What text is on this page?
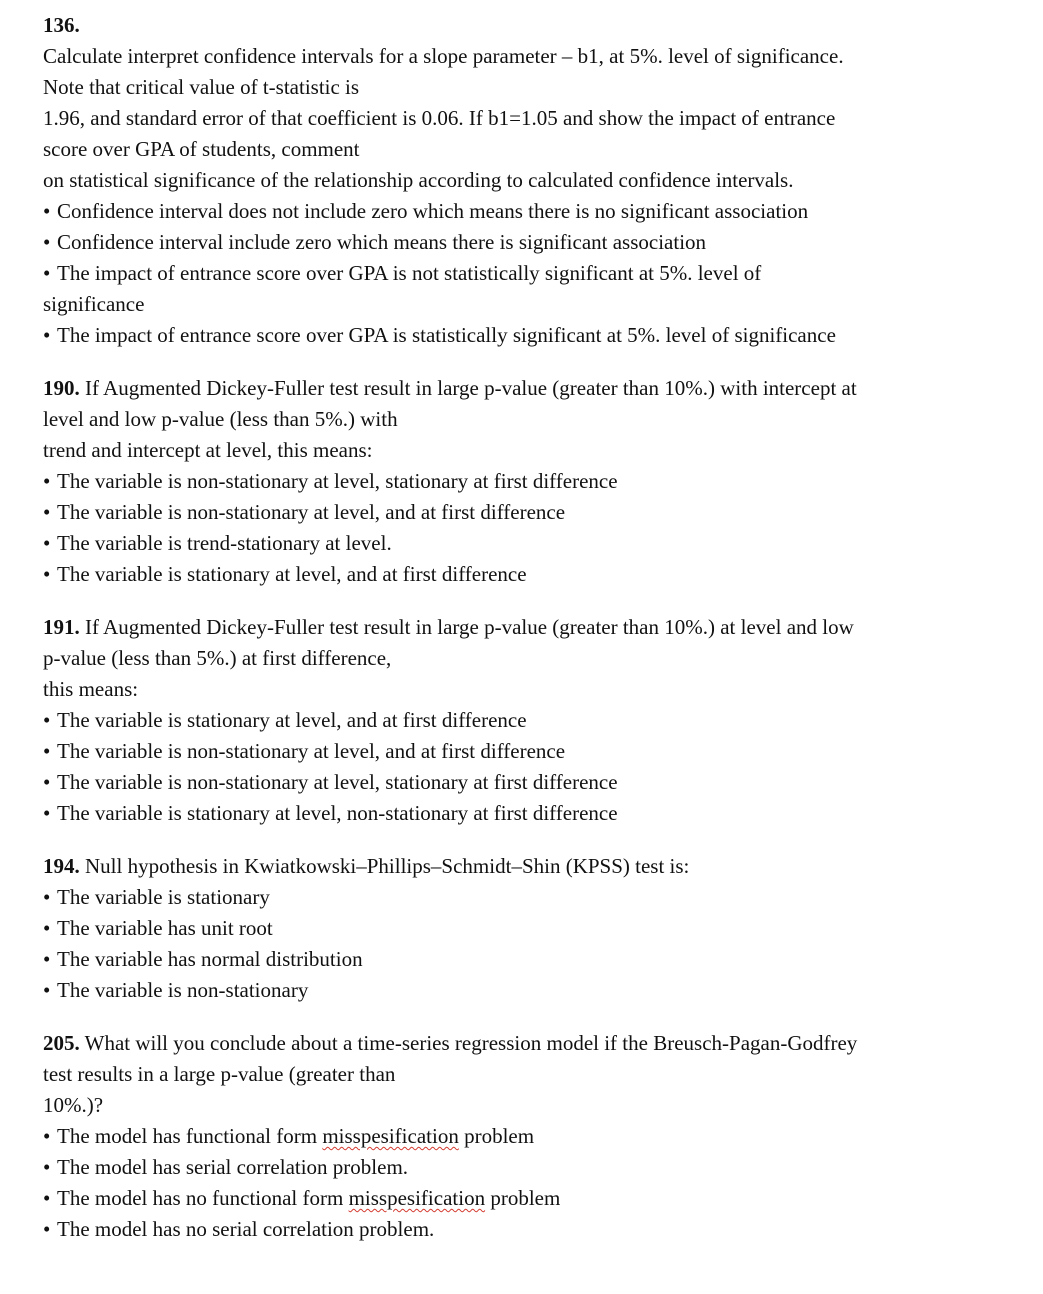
136.
Calculate interpret confidence intervals for a slope parameter – b1, at 5%. level of significance.
Note that critical value of t-statistic is
1.96, and standard error of that coefficient is 0.06. If b1=1.05 and show the impact of entrance
score over GPA of students, comment
on statistical significance of the relationship according to calculated confidence intervals.
• Confidence interval does not include zero which means there is no significant association
• Confidence interval include zero which means there is significant association
• The impact of entrance score over GPA is not statistically significant at 5%. level of
significance
• The impact of entrance score over GPA is statistically significant at 5%. level of significance
190. If Augmented Dickey-Fuller test result in large p-value (greater than 10%.) with intercept at
level and low p-value (less than 5%.) with
trend and intercept at level, this means:
• The variable is non-stationary at level, stationary at first difference
• The variable is non-stationary at level, and at first difference
• The variable is trend-stationary at level.
• The variable is stationary at level, and at first difference
191. If Augmented Dickey-Fuller test result in large p-value (greater than 10%.) at level and low
p-value (less than 5%.) at first difference,
this means:
• The variable is stationary at level, and at first difference
• The variable is non-stationary at level, and at first difference
• The variable is non-stationary at level, stationary at first difference
• The variable is stationary at level, non-stationary at first difference
194. Null hypothesis in Kwiatkowski–Phillips–Schmidt–Shin (KPSS) test is:
• The variable is stationary
• The variable has unit root
• The variable has normal distribution
• The variable is non-stationary
205. What will you conclude about a time-series regression model if the Breusch-Pagan-Godfrey
test results in a large p-value (greater than
10%.)?
• The model has functional form misspesification problem
• The model has serial correlation problem.
• The model has no functional form misspesification problem
• The model has no serial correlation problem.
